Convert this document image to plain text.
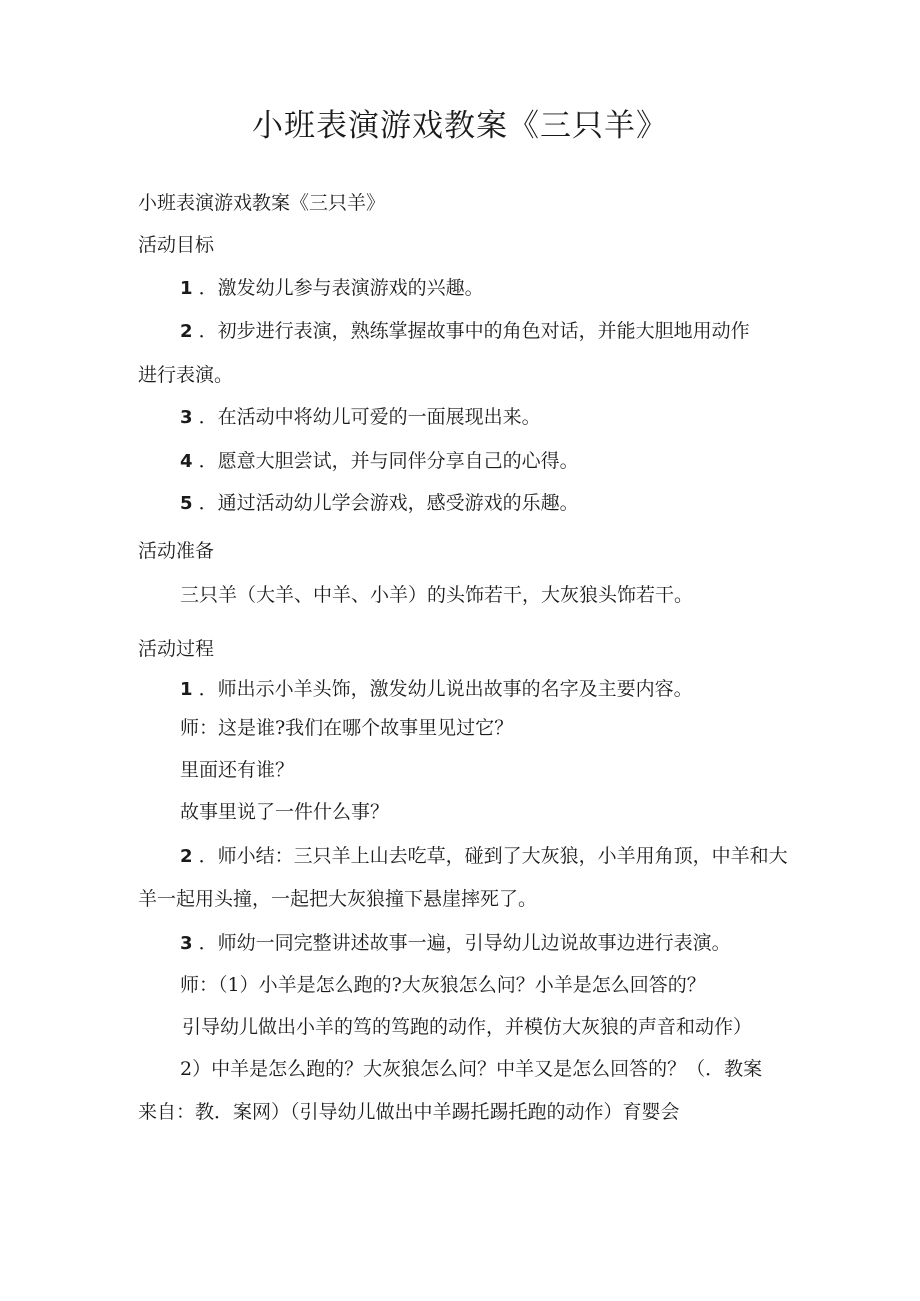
小班表演游戏教案《三只羊》
小班表演游戏教案《三只羊》
活动目标
1 ．激发幼儿参与表演游戏的兴趣。
2 ．初步进行表演，熟练掌握故事中的角色对话，并能大胆地用动作
进行表演。
3 ．在活动中将幼儿可爱的一面展现出来。
4 ．愿意大胆尝试，并与同伴分享自己的心得。
5 ．通过活动幼儿学会游戏，感受游戏的乐趣。
活动准备
三只羊（大羊、中羊、小羊）的头饰若干，大灰狼头饰若干。
活动过程
1 ．师出示小羊头饰，激发幼儿说出故事的名字及主要内容。
师：这是谁?我们在哪个故事里见过它？
里面还有谁？
故事里说了一件什么事？
2 ．师小结：三只羊上山去吃草，碰到了大灰狼，小羊用角顶，中羊和大
羊一起用头撞，一起把大灰狼撞下悬崖摔死了。
3 ．师幼一同完整讲述故事一遍，引导幼儿边说故事边进行表演。
师：（1）小羊是怎么跑的?大灰狼怎么问？小羊是怎么回答的？
引导幼儿做出小羊的笃的笃跑的动作，并模仿大灰狼的声音和动作）
2）中羊是怎么跑的？大灰狼怎么问？中羊又是怎么回答的？（．教案
来自：教．案网）（引导幼儿做出中羊踢托踢托跑的动作）育婴会
